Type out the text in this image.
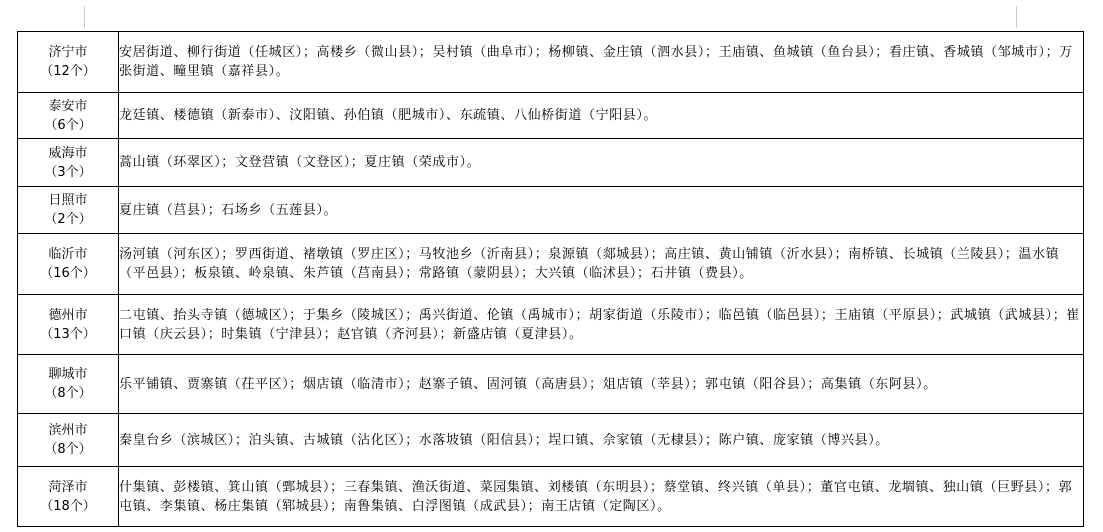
济宁市
（12个）	安居街道、柳行街道（任城区）；高楼乡（微山县）；吴村镇（曲阜市）；杨柳镇、金庄镇（泗水县）；王庙镇、鱼城镇（鱼台县）；看庄镇、香城镇（邹城市）；万张街道、疃里镇（嘉祥县）。

泰安市
（6个）	龙廷镇、楼德镇（新泰市）、汶阳镇、孙伯镇（肥城市）、东疏镇、八仙桥街道（宁阳县）。

威海市
（3个）	蒿山镇（环翠区）；文登营镇（文登区）；夏庄镇（荣成市）。

日照市
（2个）	夏庄镇（莒县）；石场乡（五莲县）。

临沂市
（16个）	汤河镇（河东区）；罗西街道、褚墩镇（罗庄区）；马牧池乡（沂南县）；泉源镇（郯城县）；高庄镇、黄山铺镇（沂水县）；南桥镇、长城镇（兰陵县）；温水镇（平邑县）；板泉镇、岭泉镇、朱芦镇（莒南县）；常路镇（蒙阴县）；大兴镇（临沭县）；石井镇（费县）。

德州市
（13个）	二屯镇、抬头寺镇（德城区）；于集乡（陵城区）；禹兴街道、伦镇（禹城市）；胡家街道（乐陵市）；临邑镇（临邑县）；王庙镇（平原县）；武城镇（武城县）；崔口镇（庆云县）；时集镇（宁津县）；赵官镇（齐河县）；新盛店镇（夏津县）。

聊城市
（8个）	乐平铺镇、贾寨镇（茌平区）；烟店镇（临清市）；赵寨子镇、固河镇（高唐县）；俎店镇（莘县）；郭屯镇（阳谷县）；高集镇（东阿县）。

滨州市
（8个）	秦皇台乡（滨城区）；泊头镇、古城镇（沾化区）；水落坡镇（阳信县）；埕口镇、佘家镇（无棣县）；陈户镇、庞家镇（博兴县）。

菏泽市
（18个）	什集镇、彭楼镇、箕山镇（鄄城县）；三春集镇、渔沃街道、菜园集镇、刘楼镇（东明县）；蔡堂镇、终兴镇（单县）；董官屯镇、龙堌镇、独山镇（巨野县）；郭屯镇、李集镇、杨庄集镇（郓城县）；南鲁集镇、白浮图镇（成武县）；南王店镇（定陶区）。
